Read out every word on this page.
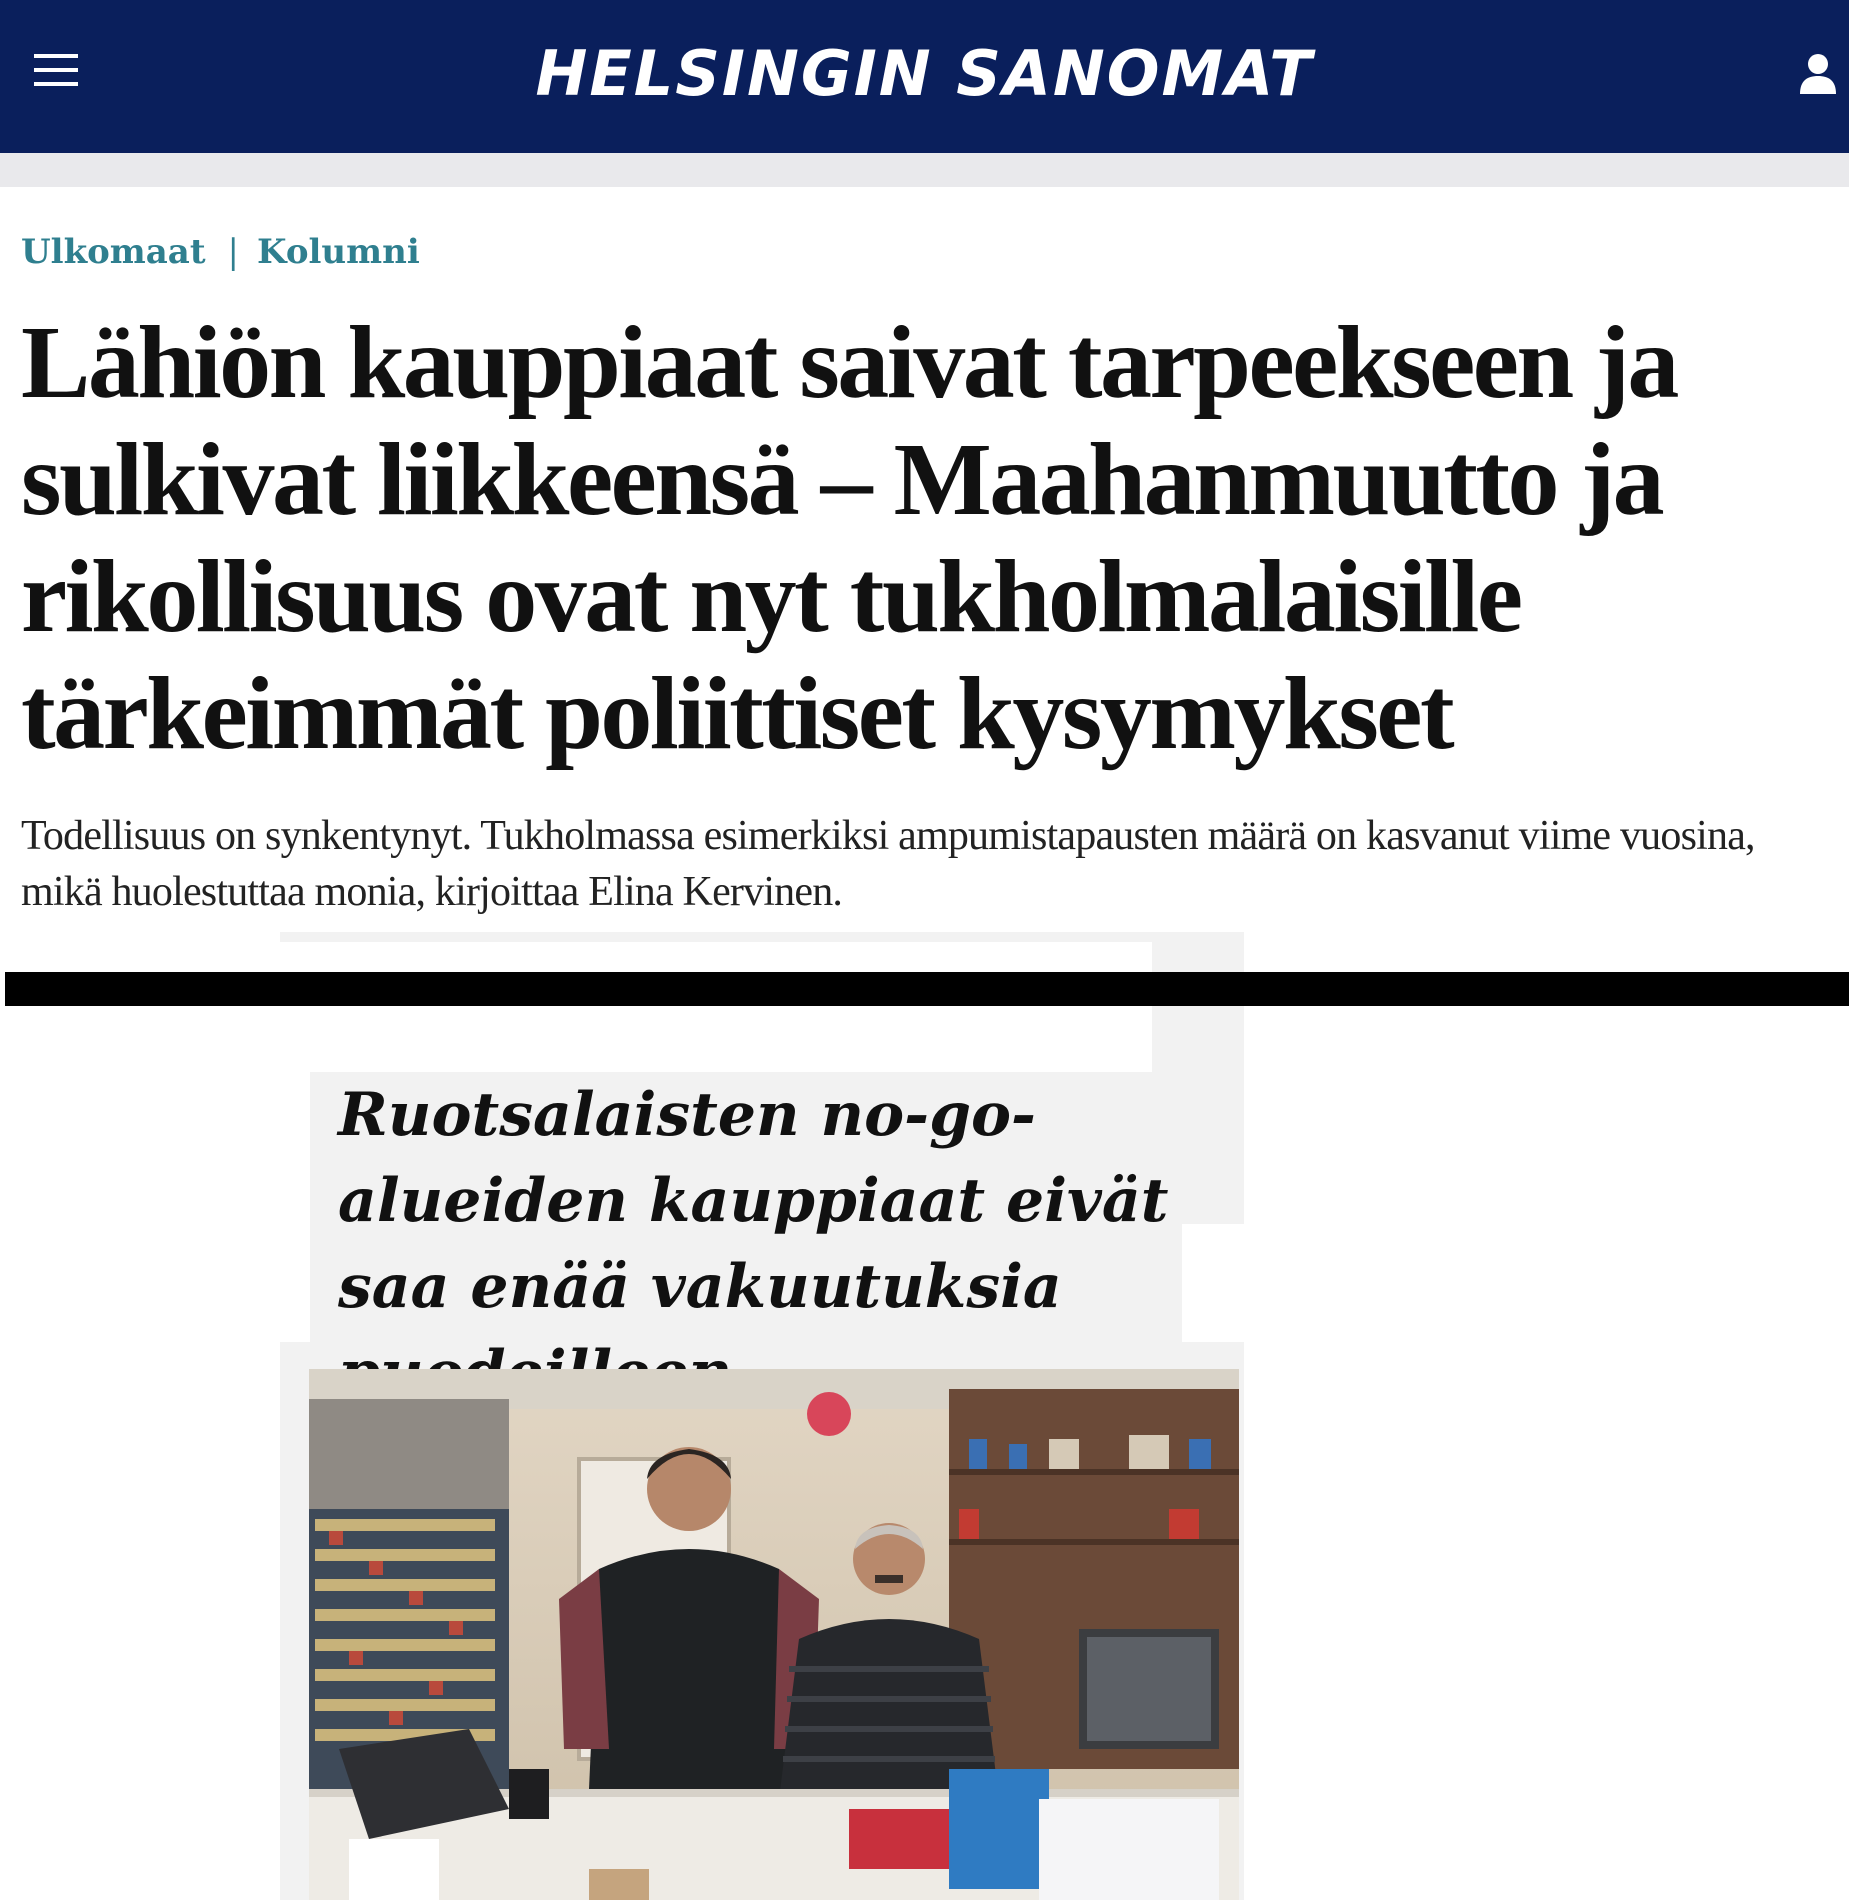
HELSINGIN SANOMAT
Ulkomaat | Kolumni
Lähiön kauppiaat saivat tarpeekseen ja sulkivat liikkeensä – Maahanmuutto ja rikollisuus ovat nyt tukholmalaisille tärkeimmät poliittiset kysymykset

Todellisuus on synkentynyt. Tukholmassa esimerkiksi ampumistapausten määrä on kasvanut viime vuosina, mikä huolestuttaa monia, kirjoittaa Elina Kervinen.

Ruotsalaisten no-go-alueiden kauppiaat eivät saa enää vakuutuksia
